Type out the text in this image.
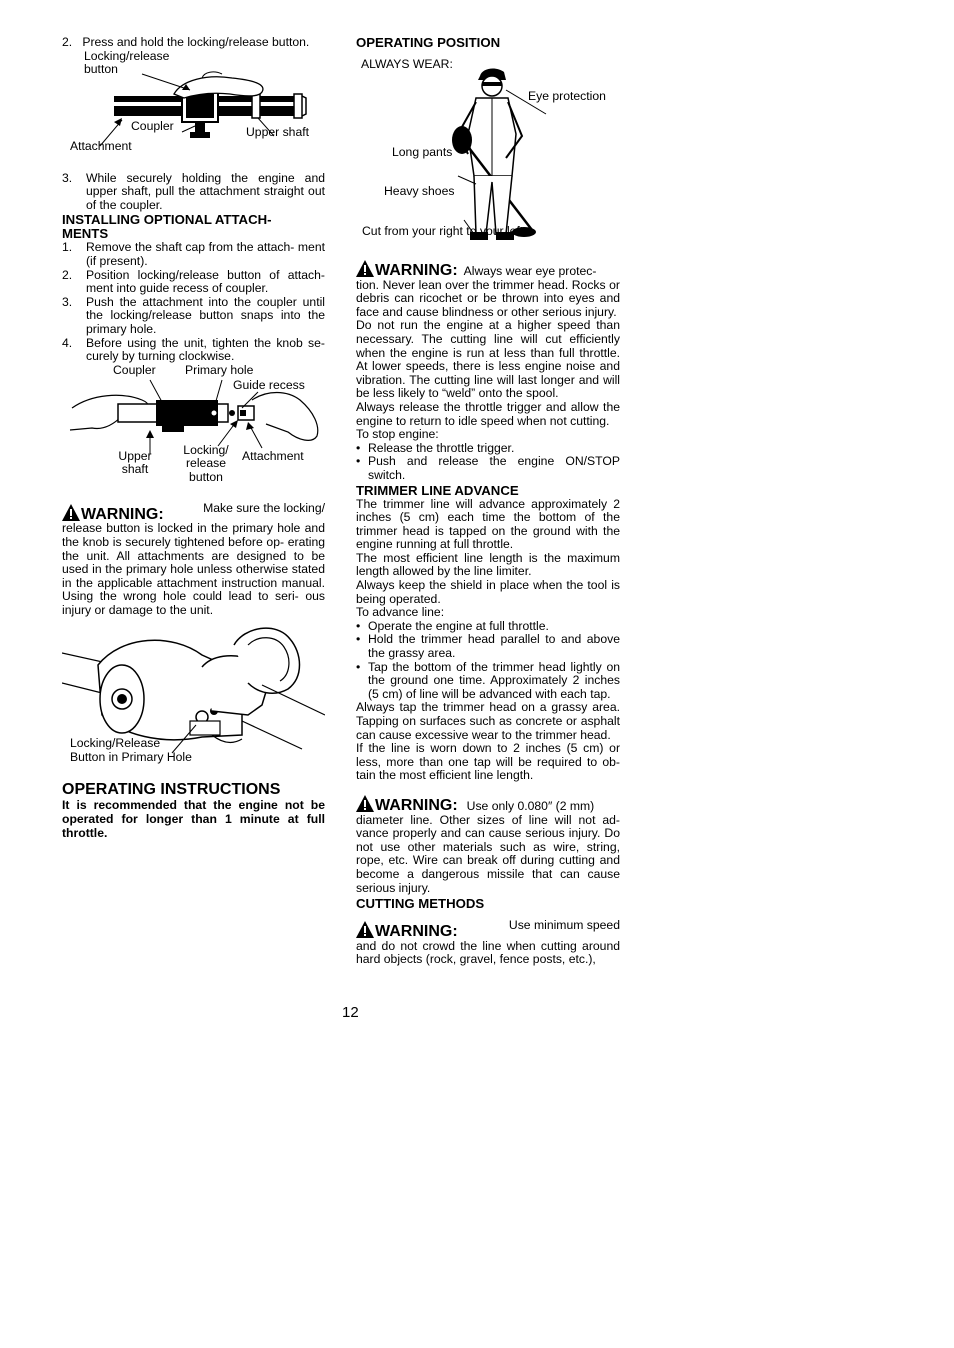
2.   Press and hold the locking/release button.

Locking/release
button
Coupler	Upper shaft
Attachment
3.	While securely holding the engine and upper shaft, pull the attachment straight out of the coupler.
INSTALLING OPTIONAL ATTACH-
MENTS
1.	Remove the shaft cap from the attach- ment (if present).
2.	Position locking/release button of attach- ment into guide recess of coupler.
3.	Push the attachment into the coupler until the locking/release button snaps into the primary hole.
4.	Before using the unit, tighten the knob se- curely by turning clockwise.
Coupler Primary hole
Guide recess
Upper
shaft
Locking/
release
button
Attachment

WARNING:	Make sure the locking/

release button is locked in the primary hole and the knob is securely tightened before op- erating the unit. All attachments are designed to be used in the primary hole unless otherwise stated in the applicable attachment instruction manual. Using the wrong hole could lead to seri- ous injury or damage to the unit.

Locking/Release
Button in Primary Hole
OPERATING INSTRUCTIONS

It is recommended that the engine not be operated for longer than 1 minute at full throttle.

OPERATING POSITION
ALWAYS WEAR:
Eye protection
Long pants
Heavy shoes
Cut from your right to your left.

WARNING: Always wear eye protec-

tion. Never lean over the trimmer head. Rocks or debris can ricochet or be thrown into eyes and face and cause blindness or other serious injury.

Do not run the engine at a higher speed than necessary. The cutting line will cut efficiently when the engine is run at less than full throttle. At lower speeds, there is less engine noise and vibration. The cutting line will last longer and will be less likely to “weld” onto the spool.

Always release the throttle trigger and allow the engine to return to idle speed when not cutting.

To stop engine:

• Release the throttle trigger.
• Push and release the engine ON/STOP switch.
TRIMMER LINE ADVANCE

The trimmer line will advance approximately 2 inches (5 cm) each time the bottom of the trimmer head is tapped on the ground with the engine running at full throttle.

The most efficient line length is the maximum length allowed by the line limiter.

Always keep the shield in place when the tool is being operated.

To advance line:

• Operate the engine at full throttle.
• Hold the trimmer head parallel to and above the grassy area.
• Tap the bottom of the trimmer head lightly on the ground one time. Approximately 2 inches (5 cm) of line will be advanced with each tap.

Always tap the trimmer head on a grassy area. Tapping on surfaces such as concrete or asphalt can cause excessive wear to the trimmer head.

If the line is worn down to 2 inches (5 cm) or less, more than one tap will be required to ob- tain the most efficient line length.

WARNING: Use only 0.080″ (2 mm)

diameter line. Other sizes of line will not ad- vance properly and can cause serious injury. Do not use other materials such as wire, string, rope, etc. Wire can break off during cutting and become a dangerous missile that can cause serious injury.

CUTTING METHODS

WARNING:	Use minimum speed

and do not crowd the line when cutting around hard objects (rock, gravel, fence posts, etc.),

12
